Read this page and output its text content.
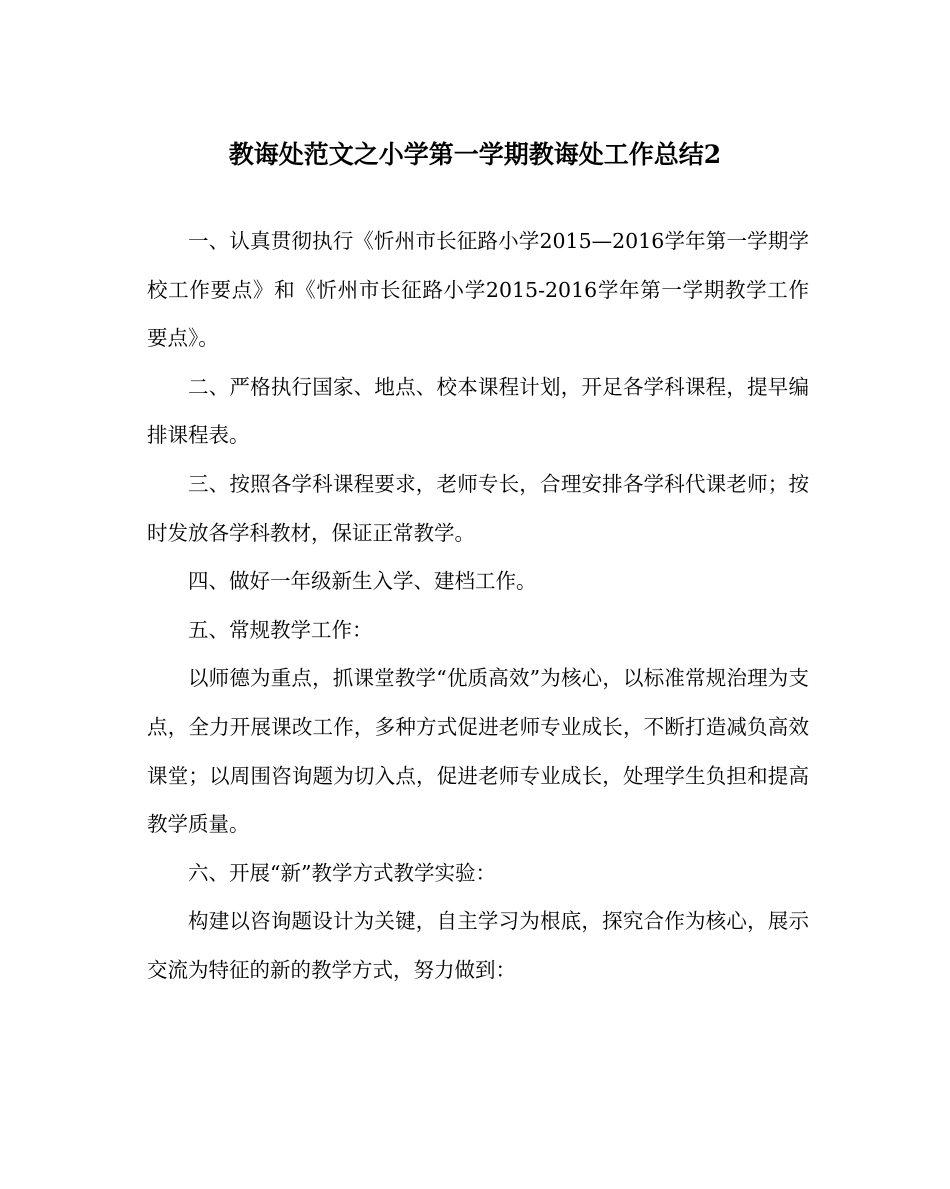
教诲处范文之小学第一学期教诲处工作总结2

一、认真贯彻执行《忻州市长征路小学2015—2016学年第一学期学校工作要点》和《忻州市长征路小学2015-2016学年第一学期教学工作要点》。

二、严格执行国家、地点、校本课程计划，开足各学科课程，提早编排课程表。

三、按照各学科课程要求，老师专长，合理安排各学科代课老师；按时发放各学科教材，保证正常教学。

四、做好一年级新生入学、建档工作。

五、常规教学工作：

以师德为重点，抓课堂教学“优质高效”为核心，以标准常规治理为支点，全力开展课改工作，多种方式促进老师专业成长，不断打造减负高效课堂；以周围咨询题为切入点，促进老师专业成长，处理学生负担和提高教学质量。

六、开展“新”教学方式教学实验：

构建以咨询题设计为关键，自主学习为根底，探究合作为核心，展示交流为特征的新的教学方式，努力做到：
